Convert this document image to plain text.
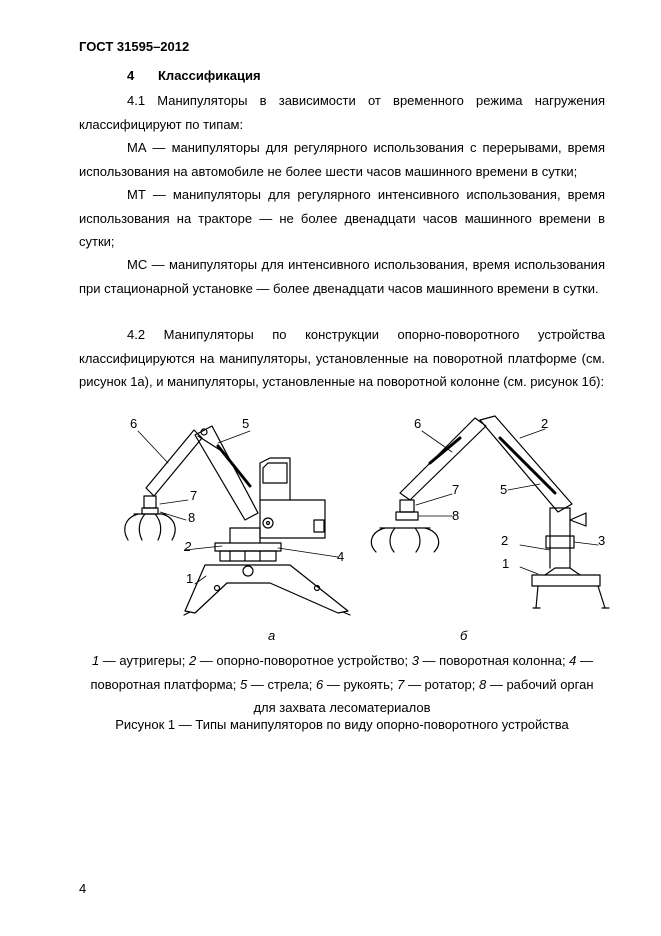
ГОСТ 31595–2012
4 Классификация
4.1 Манипуляторы в зависимости от временного режима нагружения классифицируют по типам:
МА — манипуляторы для регулярного использования с перерывами, время использования на автомобиле не более шести часов машинного времени в сутки;
МТ — манипуляторы для регулярного интенсивного использования, время использования на тракторе — не более двенадцати часов машинного времени в сутки;
МС — манипуляторы для интенсивного использования, время использования при стационарной установке — более двенадцати часов машинного времени в сутки.
4.2 Манипуляторы по конструкции опорно-поворотного устройства классифицируются на манипуляторы, установленные на поворотной платформе (см. рисунок 1а), и манипуляторы, установленные на поворотной колонне (см. рисунок 1б):
6	5
7
8
2
4
1
6	2
5
7
8
2	3
1
а	б
1 — аутригеры; 2 — опорно-поворотное устройство; 3 — поворотная колонна; 4 — поворотная платформа; 5 — стрела; 6 — рукоять; 7 — ротатор; 8 — рабочий орган для захвата лесоматериалов
Рисунок 1 — Типы манипуляторов по виду опорно-поворотного устройства
4
